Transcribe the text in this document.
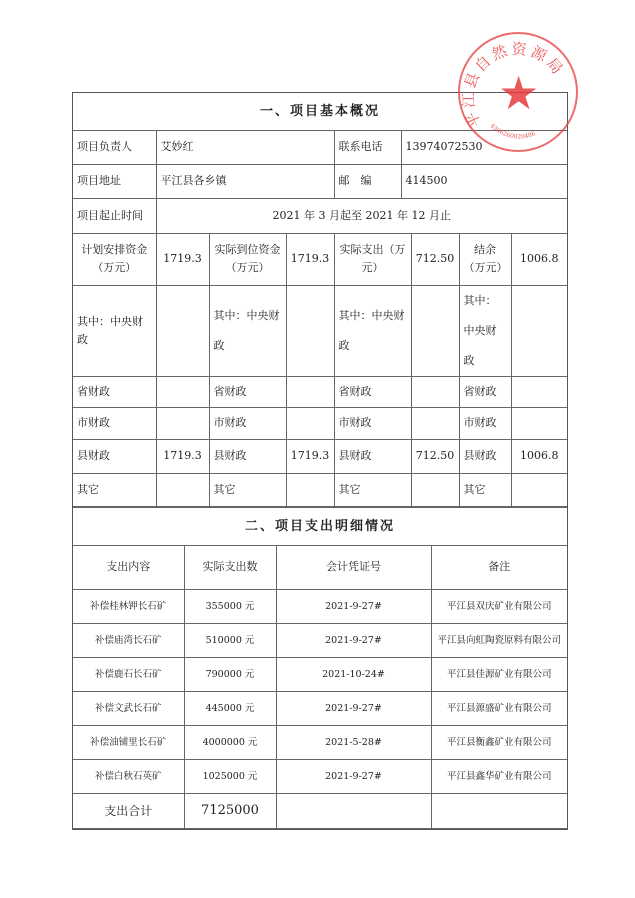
一、项目基本概况
项目负责人	艾妙红	联系电话	13974072530
项目地址	平江县各乡镇	邮　编	414500
项目起止时间	2021 年 3 月起至 2021 年 12 月止
计划安排资金（万元）	1719.3	实际到位资金（万元）	1719.3	实际支出（万元）	712.50	结余（万元）	1006.8
其中：中央财政		其中：中央财政		其中：中央财政		其中：中央财政	
省财政		省财政		省财政		省财政	
市财政		市财政		市财政		市财政	
县财政	1719.3	县财政	1719.3	县财政	712.50	县财政	1006.8
其它		其它		其它		其它	
二、项目支出明细情况
支出内容	实际支出数	会计凭证号	备注
补偿桂林钾长石矿	355000 元	2021-9-27#	平江县双庆矿业有限公司
补偿庙湾长石矿	510000 元	2021-9-27#	平江县向虹陶瓷原料有限公司
补偿鹿石长石矿	790000 元	2021-10-24#	平江县佳源矿业有限公司
补偿文武长石矿	445000 元	2021-9-27#	平江县源盛矿业有限公司
补偿油铺里长石矿	4000000 元	2021-5-28#	平江县衡鑫矿业有限公司
补偿白秋石英矿	1025000 元	2021-9-27#	平江县鑫华矿业有限公司
支出合计	7125000		
平江县自然资源局
4306260020486
★
